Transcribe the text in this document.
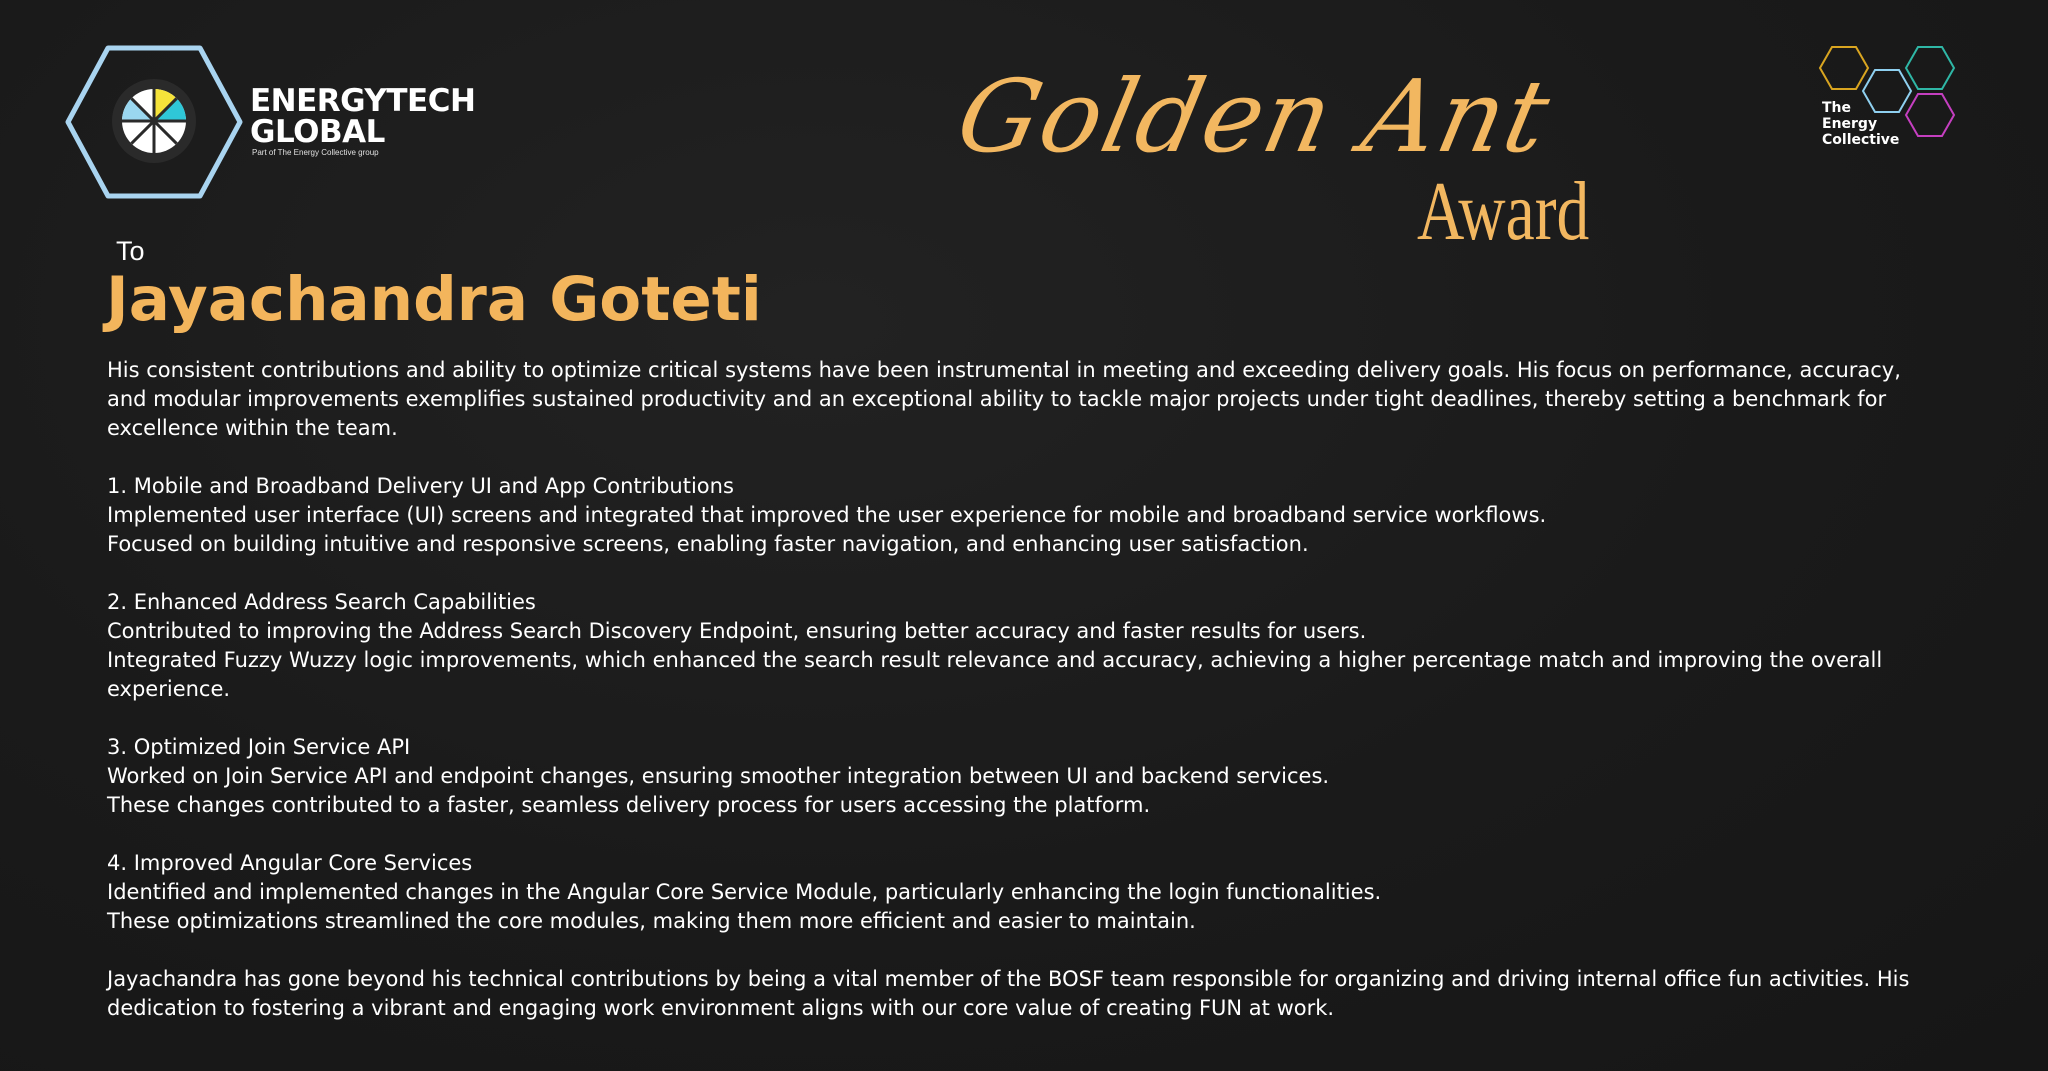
ENERGYTECH
GLOBAL
Part of The Energy Collective group	Golden Ant
Award
The
Energy
Collective
To
Jayachandra Goteti

His consistent contributions and ability to optimize critical systems have been instrumental in meeting and exceeding delivery goals. His focus on performance, accuracy, and modular improvements exemplifies sustained productivity and an exceptional ability to tackle major projects under tight deadlines, thereby setting a benchmark for excellence within the team.

1. Mobile and Broadband Delivery UI and App Contributions

Implemented user interface (UI) screens and integrated that improved the user experience for mobile and broadband service workflows.

Focused on building intuitive and responsive screens, enabling faster navigation, and enhancing user satisfaction.

2. Enhanced Address Search Capabilities

Contributed to improving the Address Search Discovery Endpoint, ensuring better accuracy and faster results for users.

Integrated Fuzzy Wuzzy logic improvements, which enhanced the search result relevance and accuracy, achieving a higher percentage match and improving the overall experience.

3. Optimized Join Service API

Worked on Join Service API and endpoint changes, ensuring smoother integration between UI and backend services.

These changes contributed to a faster, seamless delivery process for users accessing the platform.

4. Improved Angular Core Services

Identified and implemented changes in the Angular Core Service Module, particularly enhancing the login functionalities.

These optimizations streamlined the core modules, making them more efficient and easier to maintain.

Jayachandra has gone beyond his technical contributions by being a vital member of the BOSF team responsible for organizing and driving internal office fun activities. His dedication to fostering a vibrant and engaging work environment aligns with our core value of creating FUN at work.
